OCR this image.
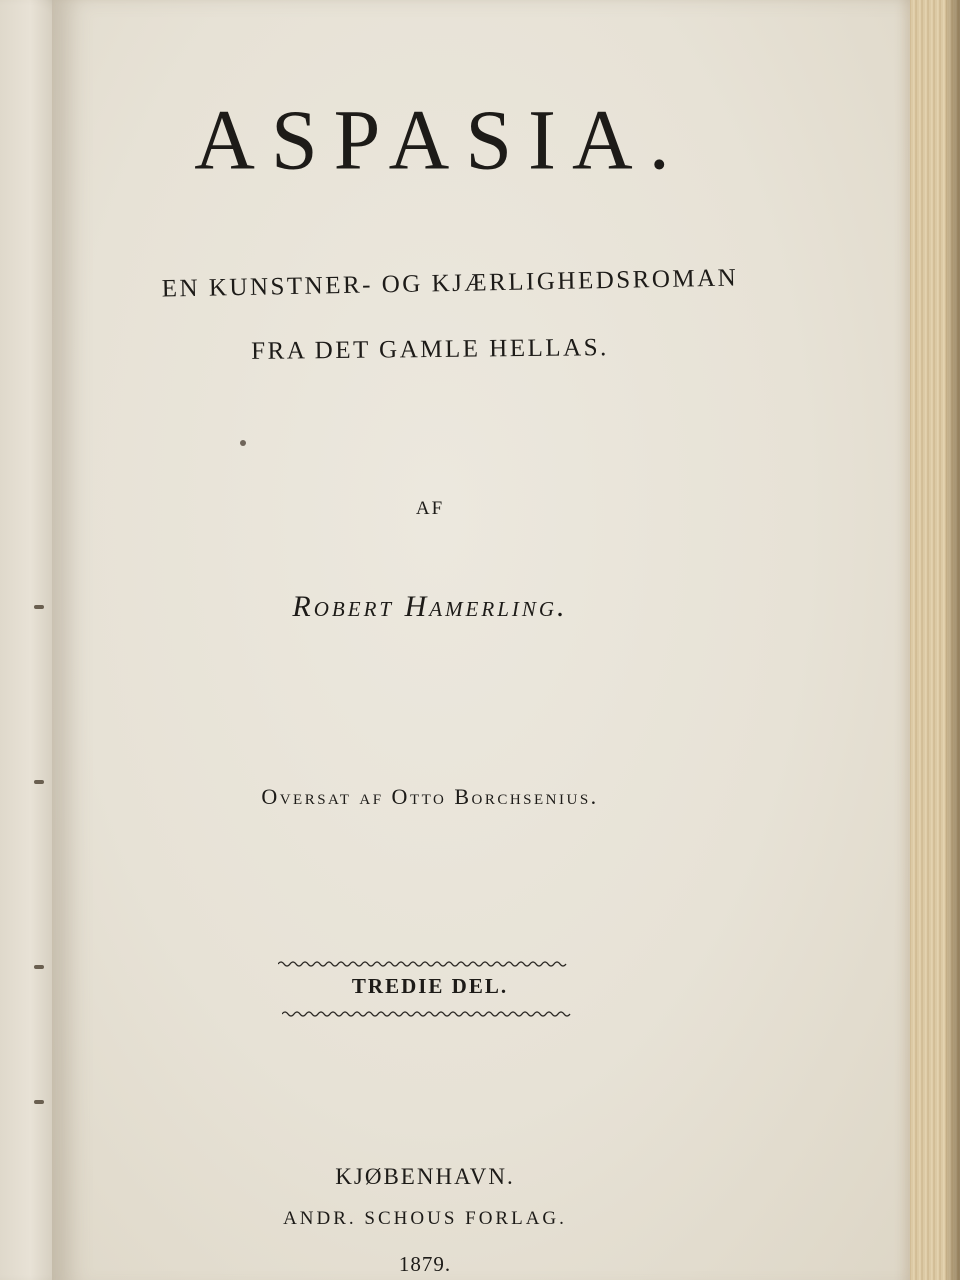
ASPASIA.
EN KUNSTNER- OG KJÆRLIGHEDSROMAN
FRA DET GAMLE HELLAS.
AF
Robert Hamerling.
Oversat af Otto Borchsenius.
TREDIE DEL.
KJØBENHAVN.
ANDR. SCHOUS FORLAG.
1879.
